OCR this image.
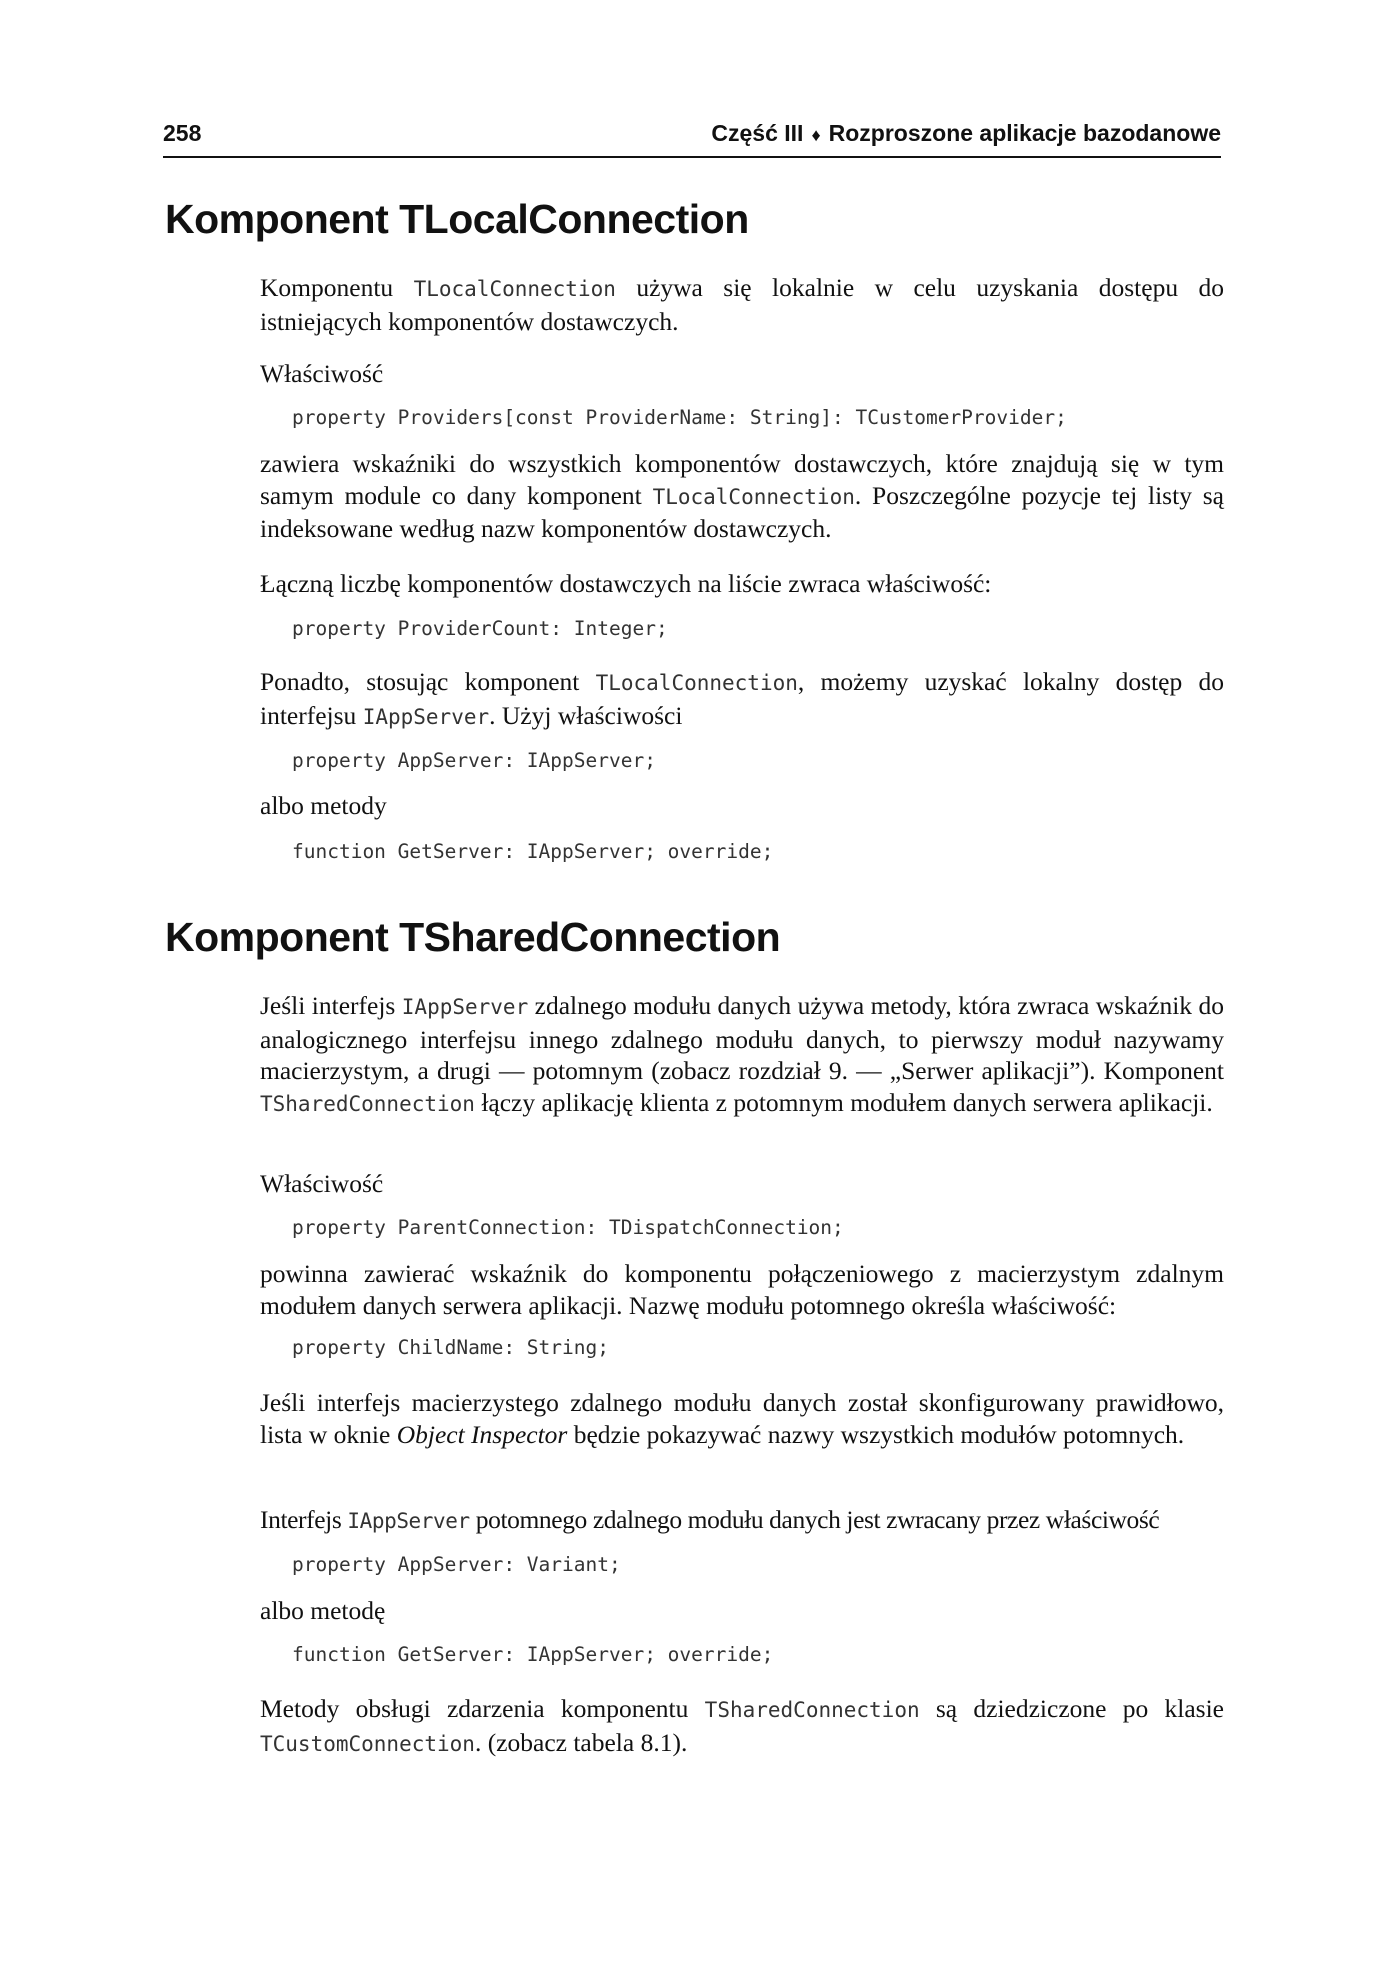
258	Część III ♦ Rozproszone aplikacje bazodanowe
Komponent TLocalConnection

Komponentu TLocalConnection używa się lokalnie w celu uzyskania dostępu do istniejących komponentów dostawczych.

Właściwość

property Providers[const ProviderName: String]: TCustomerProvider;

zawiera wskaźniki do wszystkich komponentów dostawczych, które znajdują się w tym samym module co dany komponent TLocalConnection. Poszczególne pozycje tej listy są indeksowane według nazw komponentów dostawczych.

Łączną liczbę komponentów dostawczych na liście zwraca właściwość:

property ProviderCount: Integer;

Ponadto, stosując komponent TLocalConnection, możemy uzyskać lokalny dostęp do interfejsu IAppServer. Użyj właściwości

property AppServer: IAppServer;

albo metody

function GetServer: IAppServer; override;
Komponent TSharedConnection

Jeśli interfejs IAppServer zdalnego modułu danych używa metody, która zwraca wskaźnik do analogicznego interfejsu innego zdalnego modułu danych, to pierwszy moduł nazywamy macierzystym, a drugi — potomnym (zobacz rozdział 9. — „Serwer aplikacji”). Komponent TSharedConnection łączy aplikację klienta z potomnym modułem danych serwera aplikacji.

Właściwość

property ParentConnection: TDispatchConnection;

powinna zawierać wskaźnik do komponentu połączeniowego z macierzystym zdalnym modułem danych serwera aplikacji. Nazwę modułu potomnego określa właściwość:

property ChildName: String;

Jeśli interfejs macierzystego zdalnego modułu danych został skonfigurowany prawidłowo, lista w oknie Object Inspector będzie pokazywać nazwy wszystkich modułów potomnych.

Interfejs IAppServer potomnego zdalnego modułu danych jest zwracany przez właściwość

property AppServer: Variant;

albo metodę

function GetServer: IAppServer; override;

Metody obsługi zdarzenia komponentu TSharedConnection są dziedziczone po klasie TCustomConnection. (zobacz tabela 8.1).
